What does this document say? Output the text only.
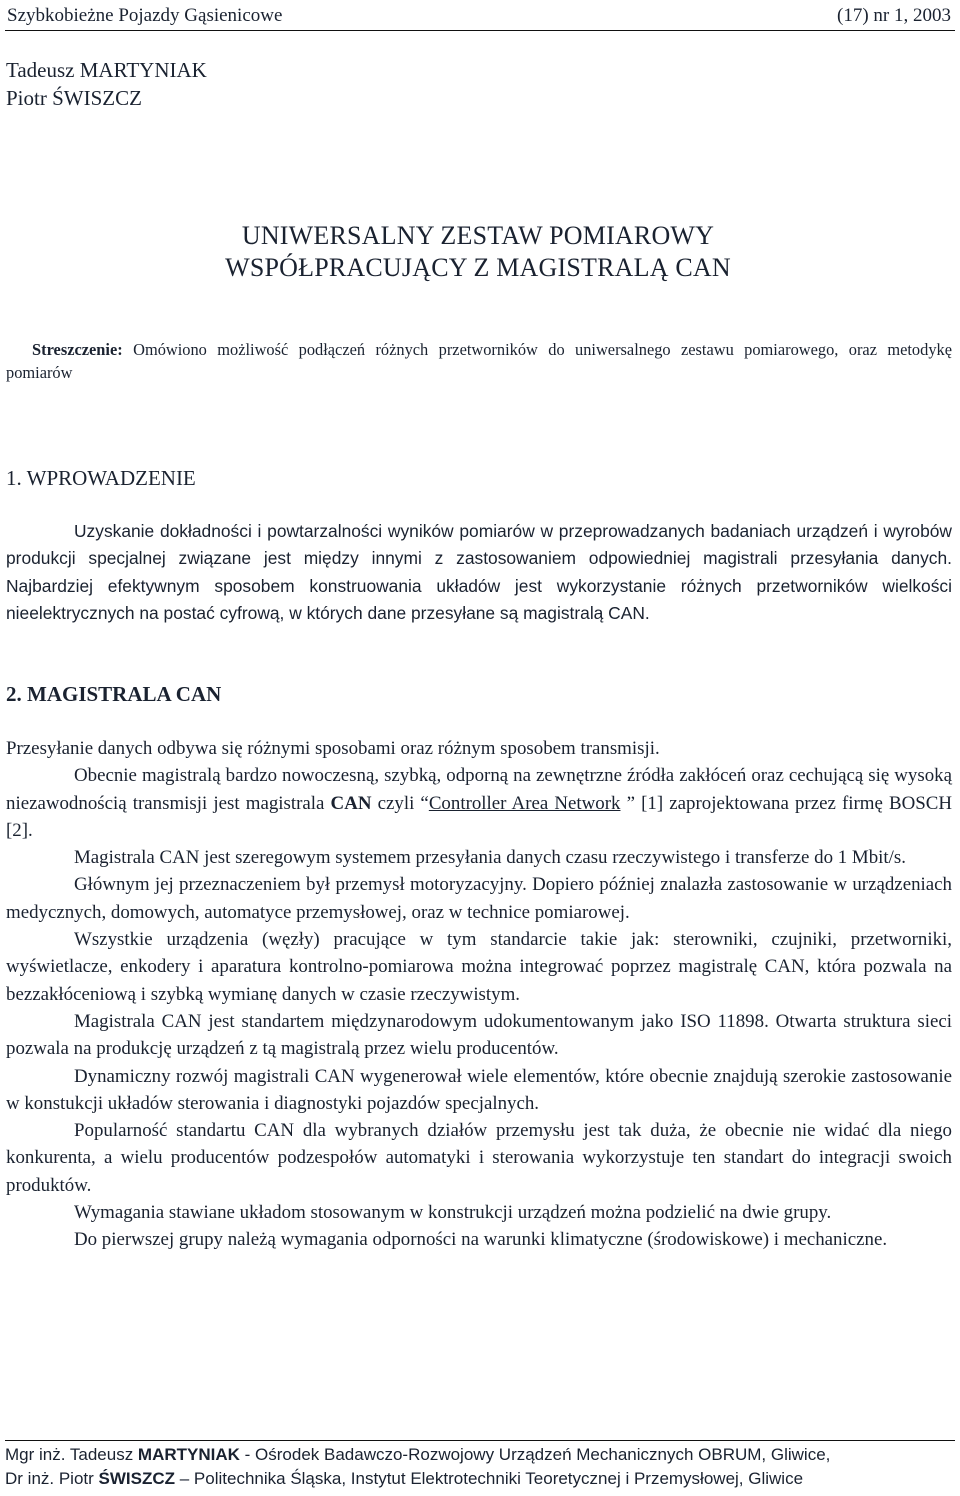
Szybkobieżne Pojazdy Gąsienicowe	(17) nr 1, 2003
Tadeusz MARTYNIAK
Piotr ŚWISZCZ
UNIWERSALNY ZESTAW POMIAROWY
WSPÓŁPRACUJĄCY Z MAGISTRALĄ CAN
Streszczenie: Omówiono możliwość podłączeń różnych przetworników do uniwersalnego zestawu pomiarowego, oraz metodykę pomiarów
1. WPROWADZENIE
Uzyskanie dokładności i powtarzalności wyników pomiarów w przeprowadzanych badaniach urządzeń i wyrobów produkcji specjalnej związane jest między innymi z zastosowaniem odpowiedniej magistrali przesyłania danych. Najbardziej efektywnym sposobem konstruowania układów jest wykorzystanie różnych przetworników wielkości nieelektrycznych na postać cyfrową, w których dane przesyłane są magistralą CAN.
2. MAGISTRALA CAN
Przesyłanie danych odbywa się różnymi sposobami oraz różnym sposobem transmisji.
Obecnie magistralą bardzo nowoczesną, szybką, odporną na zewnętrzne źródła zakłóceń oraz cechującą się wysoką niezawodnością transmisji jest magistrala CAN czyli “Controller Area Network ” [1] zaprojektowana przez firmę BOSCH [2].
Magistrala CAN jest szeregowym systemem przesyłania danych czasu rzeczywistego i transferze do 1 Mbit/s.
Głównym jej przeznaczeniem był przemysł motoryzacyjny. Dopiero później znalazła zastosowanie w urządzeniach medycznych, domowych, automatyce przemysłowej, oraz w technice pomiarowej.
Wszystkie urządzenia (węzły) pracujące w tym standarcie takie jak: sterowniki, czujniki, przetworniki, wyświetlacze, enkodery i aparatura kontrolno-pomiarowa można integrować poprzez magistralę CAN, która pozwala na bezzakłóceniową i szybką wymianę danych w czasie rzeczywistym.
Magistrala CAN jest standartem międzynarodowym udokumentowanym jako ISO 11898. Otwarta struktura sieci pozwala na produkcję urządzeń z tą magistralą przez wielu producentów.
Dynamiczny rozwój magistrali CAN wygenerował wiele elementów, które obecnie znajdują szerokie zastosowanie w konstukcji układów sterowania i diagnostyki pojazdów specjalnych.
Popularność standartu CAN dla wybranych działów przemysłu jest tak duża, że obecnie nie widać dla niego konkurenta, a wielu producentów podzespołów automatyki i sterowania wykorzystuje ten standart do integracji swoich produktów.
Wymagania stawiane układom stosowanym w konstrukcji urządzeń można podzielić na dwie grupy.
Do pierwszej grupy należą wymagania odporności na warunki klimatyczne (środowiskowe) i mechaniczne.
Mgr inż. Tadeusz MARTYNIAK - Ośrodek Badawczo-Rozwojowy Urządzeń Mechanicznych OBRUM, Gliwice,
Dr inż. Piotr ŚWISZCZ – Politechnika Śląska, Instytut Elektrotechniki Teoretycznej i Przemysłowej, Gliwice
